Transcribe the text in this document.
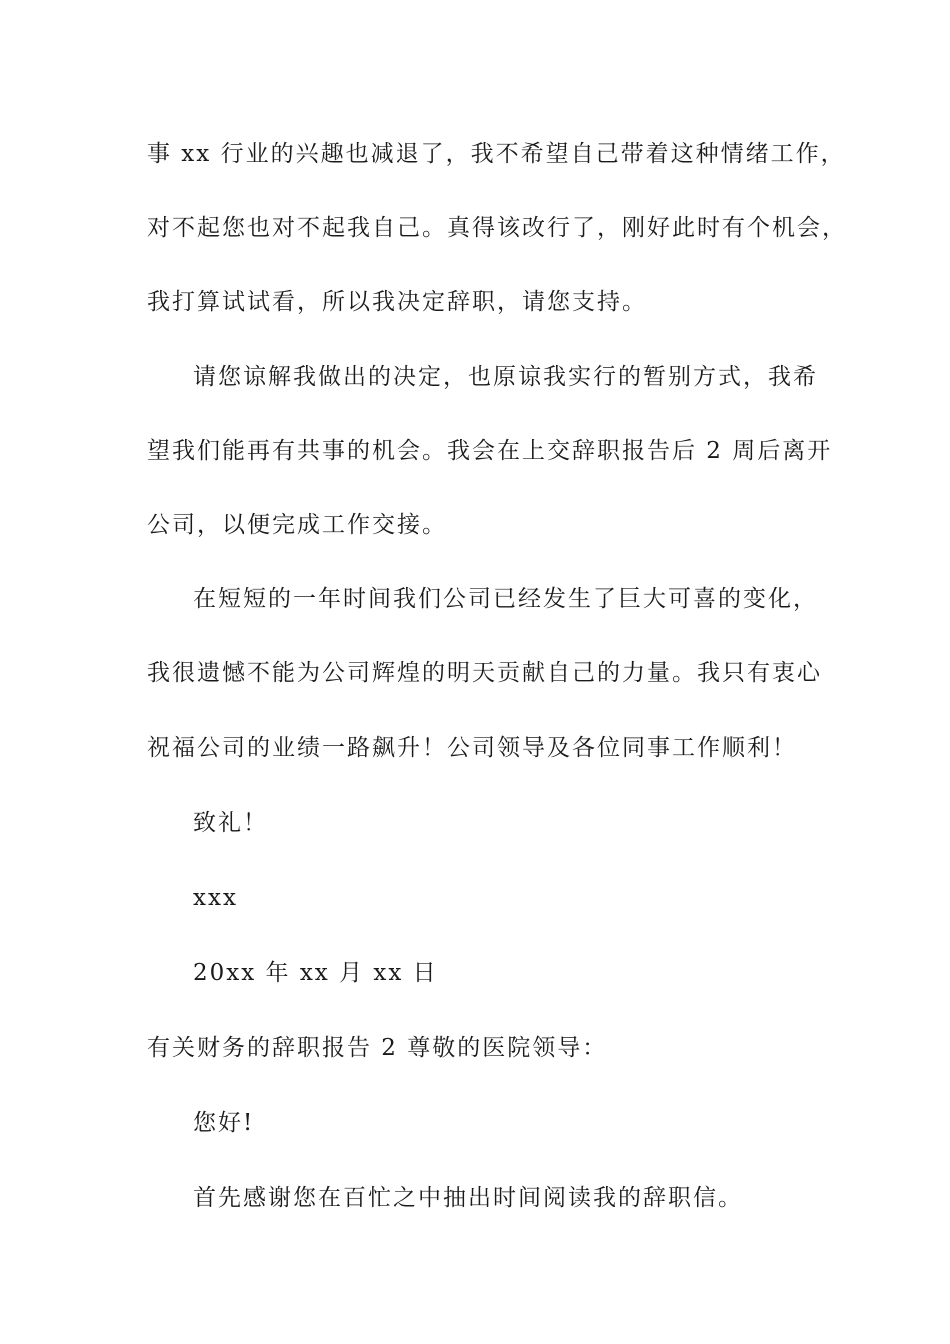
事 xx 行业的兴趣也减退了，我不希望自己带着这种情绪工作，
对不起您也对不起我自己。真得该改行了，刚好此时有个机会，
我打算试试看，所以我决定辞职，请您支持。
请您谅解我做出的决定，也原谅我实行的暂别方式，我希
望我们能再有共事的机会。我会在上交辞职报告后 2 周后离开
公司，以便完成工作交接。
在短短的一年时间我们公司已经发生了巨大可喜的变化，
我很遗憾不能为公司辉煌的明天贡献自己的力量。我只有衷心
祝福公司的业绩一路飙升！公司领导及各位同事工作顺利！
致礼！
xxx
20xx 年 xx 月 xx 日
有关财务的辞职报告 2 尊敬的医院领导：
您好!
首先感谢您在百忙之中抽出时间阅读我的辞职信。
